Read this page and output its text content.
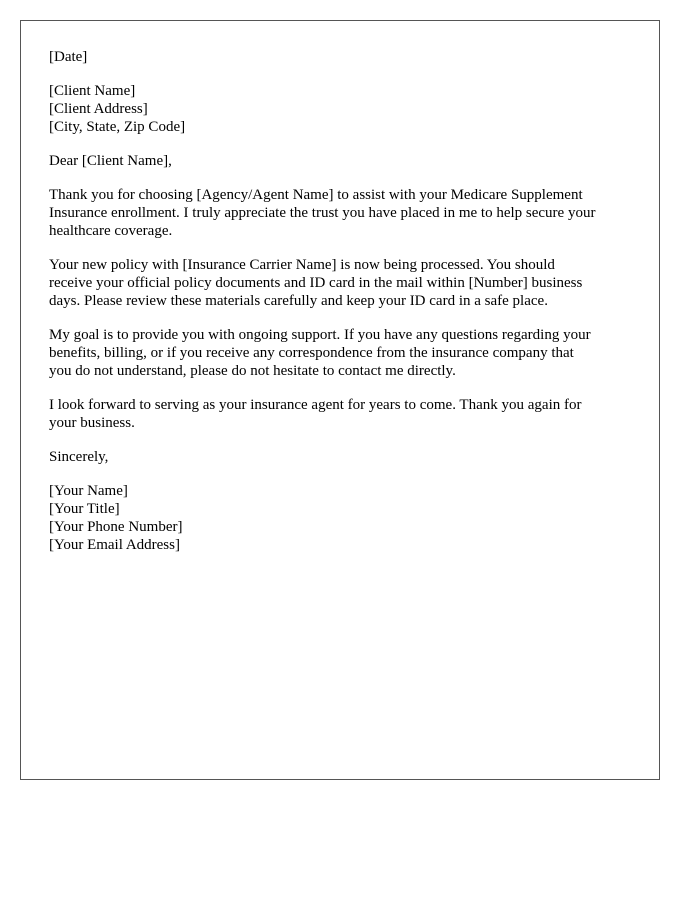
[Date]
[Client Name]
[Client Address]
[City, State, Zip Code]
Dear [Client Name],
Thank you for choosing [Agency/Agent Name] to assist with your Medicare Supplement
Insurance enrollment. I truly appreciate the trust you have placed in me to help secure your
healthcare coverage.
Your new policy with [Insurance Carrier Name] is now being processed. You should
receive your official policy documents and ID card in the mail within [Number] business
days. Please review these materials carefully and keep your ID card in a safe place.
My goal is to provide you with ongoing support. If you have any questions regarding your
benefits, billing, or if you receive any correspondence from the insurance company that
you do not understand, please do not hesitate to contact me directly.
I look forward to serving as your insurance agent for years to come. Thank you again for
your business.
Sincerely,
[Your Name]
[Your Title]
[Your Phone Number]
[Your Email Address]
